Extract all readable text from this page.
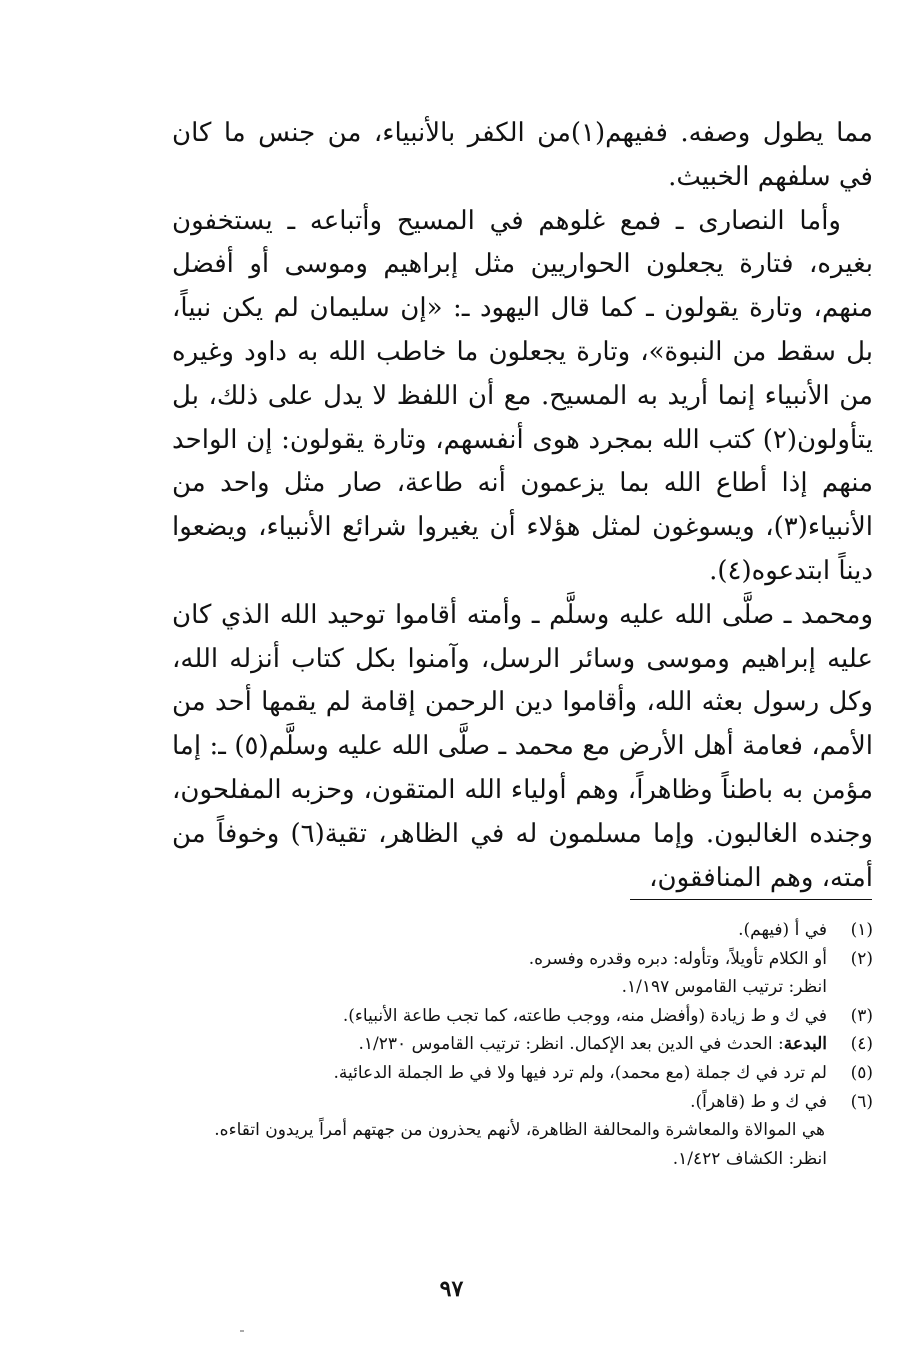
مما يطول وصفه. ففيهم(١)من الكفر بالأنبياء، من جنس ما كان في سلفهم الخبيث.

وأما النصارى ـ فمع غلوهم في المسيح وأتباعه ـ يستخفون بغيره، فتارة يجعلون الحواريين مثل إبراهيم وموسى أو أفضل منهم، وتارة يقولون ـ كما قال اليهود ـ: «إن سليمان لم يكن نبياً، بل سقط من النبوة»، وتارة يجعلون ما خاطب الله به داود وغيره من الأنبياء إنما أريد به المسيح. مع أن اللفظ لا يدل على ذلك، بل يتأولون(٢) كتب الله بمجرد هوى أنفسهم، وتارة يقولون: إن الواحد منهم إذا أطاع الله بما يزعمون أنه طاعة، صار مثل واحد من الأنبياء(٣)، ويسوغون لمثل هؤلاء أن يغيروا شرائع الأنبياء، ويضعوا ديناً ابتدعوه(٤).

ومحمد ـ صلَّى الله عليه وسلَّم ـ وأمته أقاموا توحيد الله الذي كان عليه إبراهيم وموسى وسائر الرسل، وآمنوا بكل كتاب أنزله الله، وكل رسول بعثه الله، وأقاموا دين الرحمن إقامة لم يقمها أحد من الأمم، فعامة أهل الأرض مع محمد ـ صلَّى الله عليه وسلَّم(٥) ـ: إما مؤمن به باطناً وظاهراً، وهم أولياء الله المتقون، وحزبه المفلحون، وجنده الغالبون. وإما مسلمون له في الظاهر، تقية(٦) وخوفاً من أمته، وهم المنافقون،

(١)
في أ (فيهم).
(٢)
أو الكلام تأويلاً، وتأوله: دبره وقدره وفسره.
انظر: ترتيب القاموس ١/١٩٧.
(٣)
في ك و ط زيادة (وأفضل منه، ووجب طاعته، كما تجب طاعة الأنبياء).
(٤)
البدعة: الحدث في الدين بعد الإكمال. انظر: ترتيب القاموس ١/٢٣٠.
(٥)
لم ترد في ك جملة (مع محمد)، ولم ترد فيها ولا في ط الجملة الدعائية.
(٦)
في ك و ط (قاهراً).
هي الموالاة والمعاشرة والمحالفة الظاهرة، لأنهم يحذرون من جهتهم أمراً يريدون اتقاءه.
انظر: الكشاف ١/٤٢٢.
٩٧
